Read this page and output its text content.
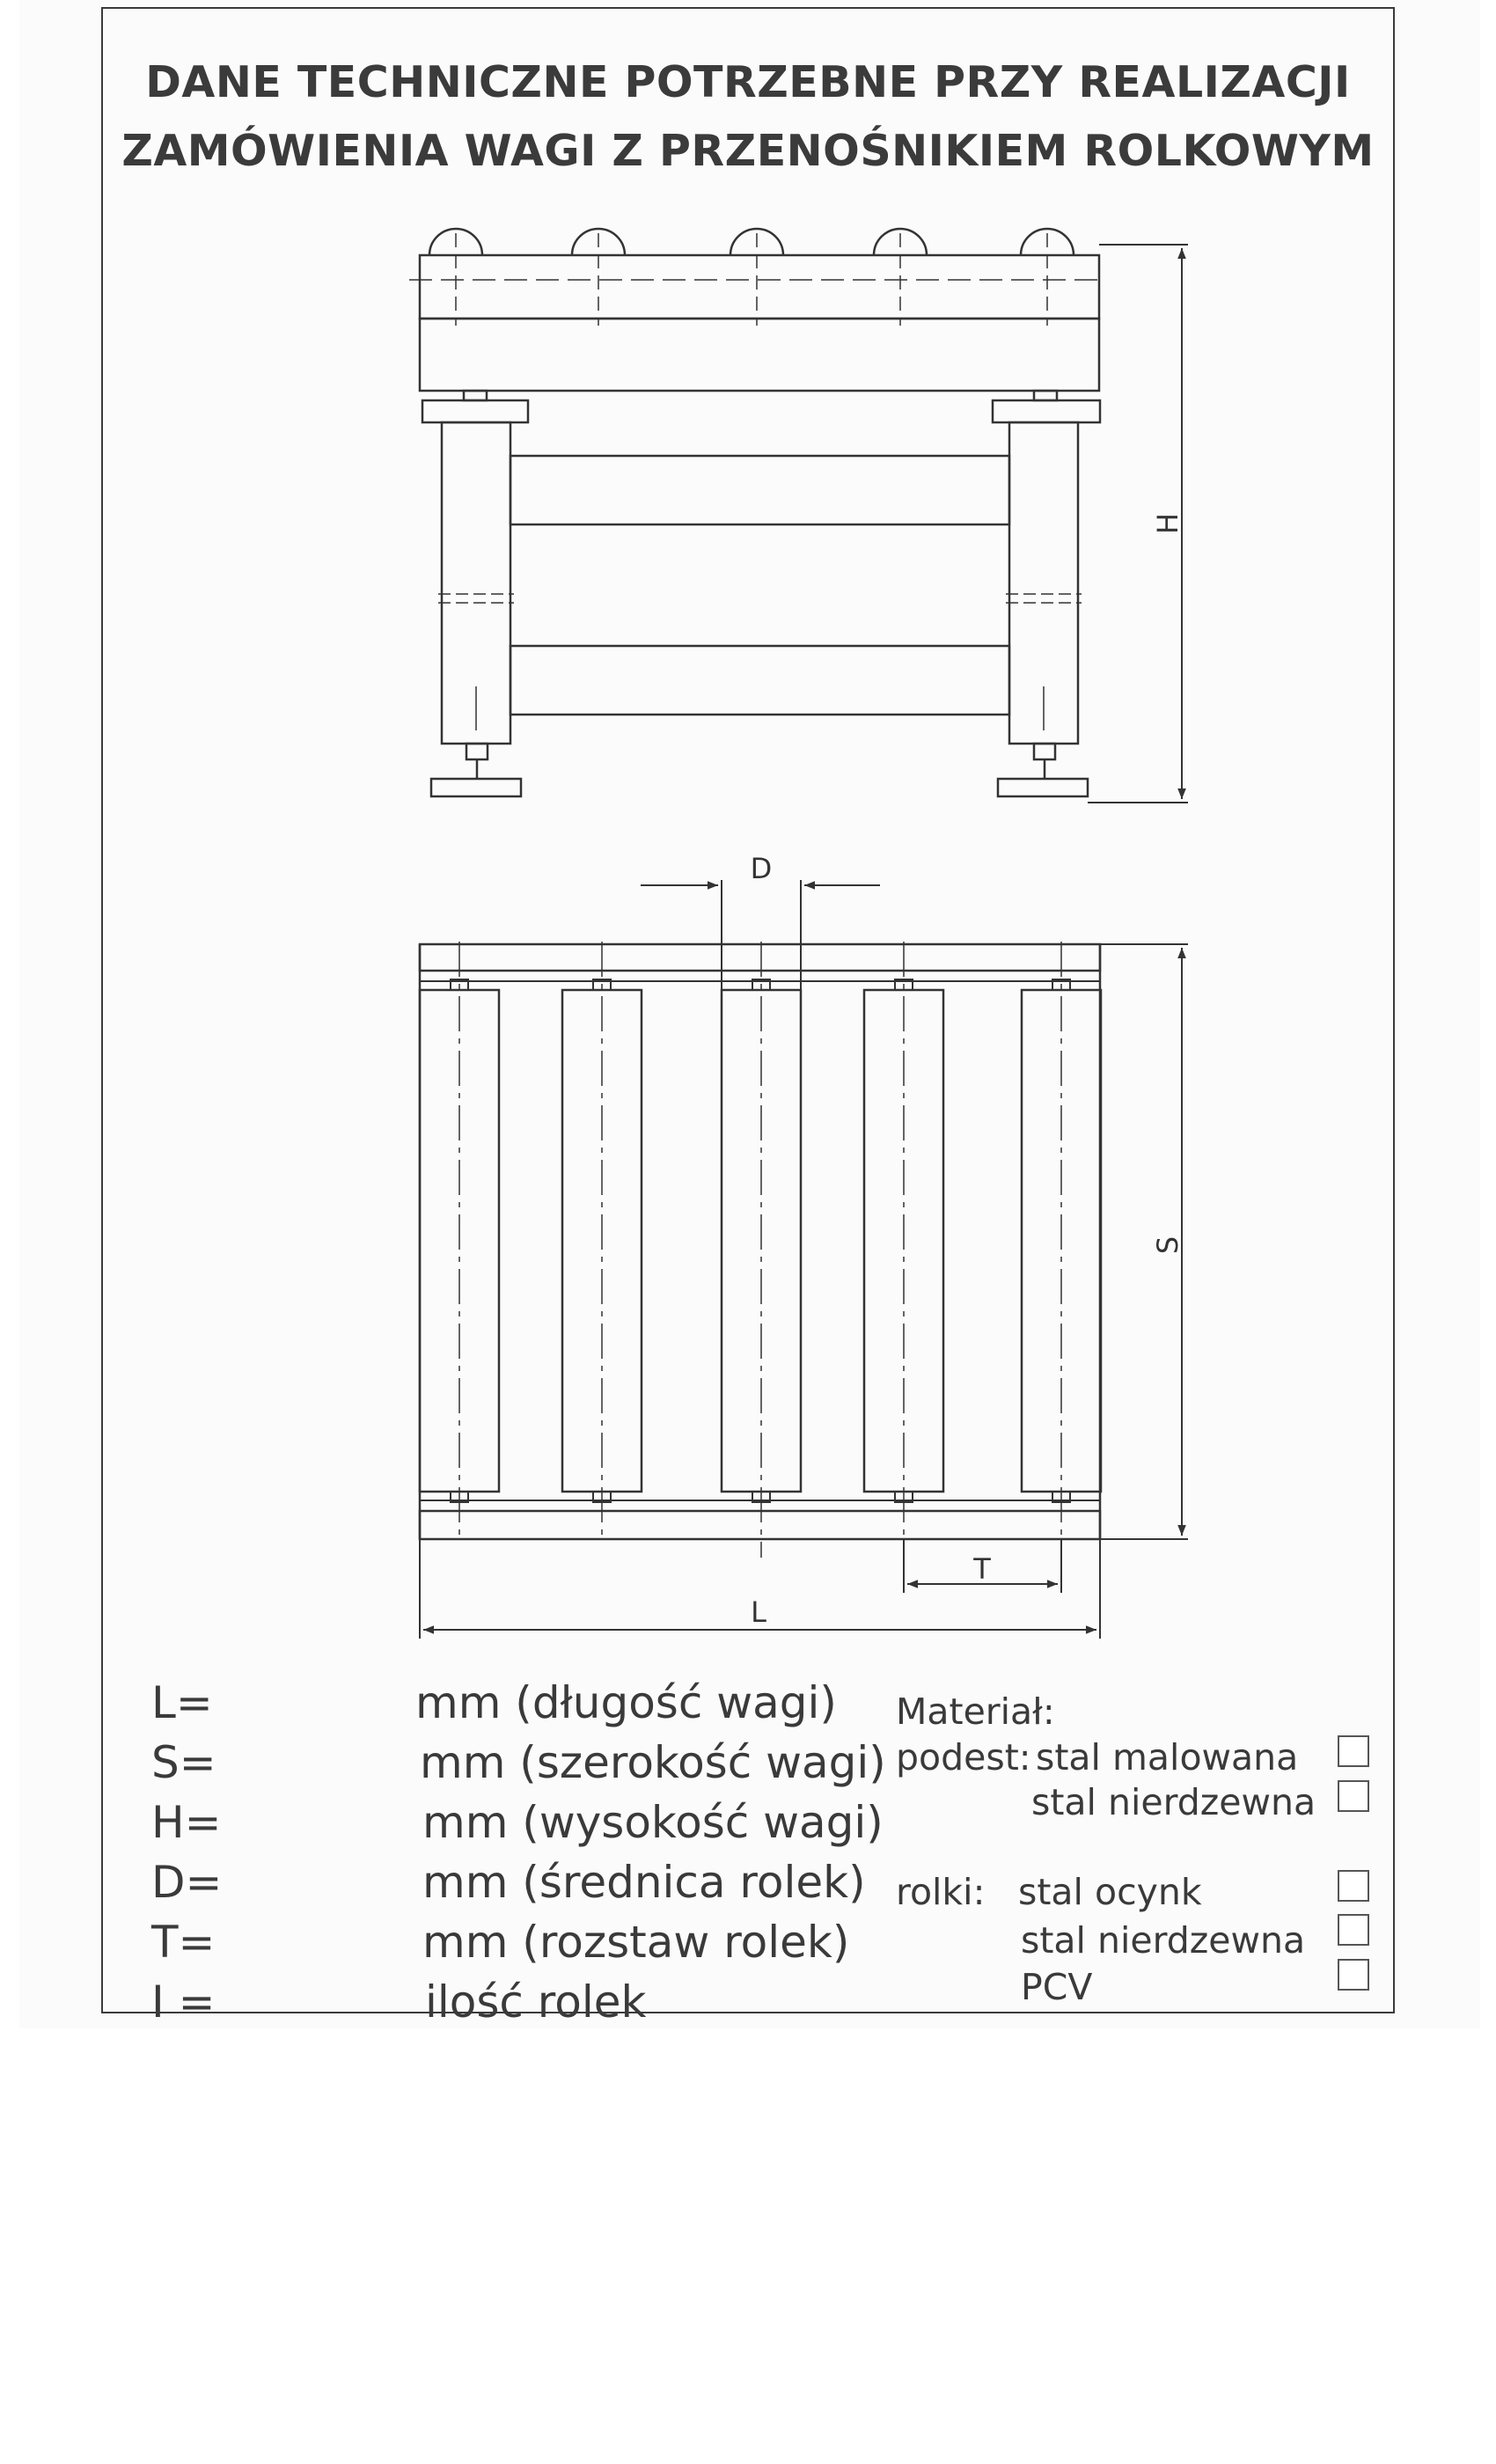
DANE TECHNICZNE POTRZEBNE PRZY REALIZACJI
ZAMÓWIENIA WAGI Z PRZENOŚNIKIEM ROLKOWYM
H
D
S
T
L
L=	mm (długość wagi)
S=	mm (szerokość wagi)
H=	mm (wysokość wagi)
D=	mm (średnica rolek)
T=	mm (rozstaw rolek)
I =	ilość rolek
Materiał:
podest: stal malowana
stal nierdzewna
rolki: stal ocynk
stal nierdzewna
PCV
